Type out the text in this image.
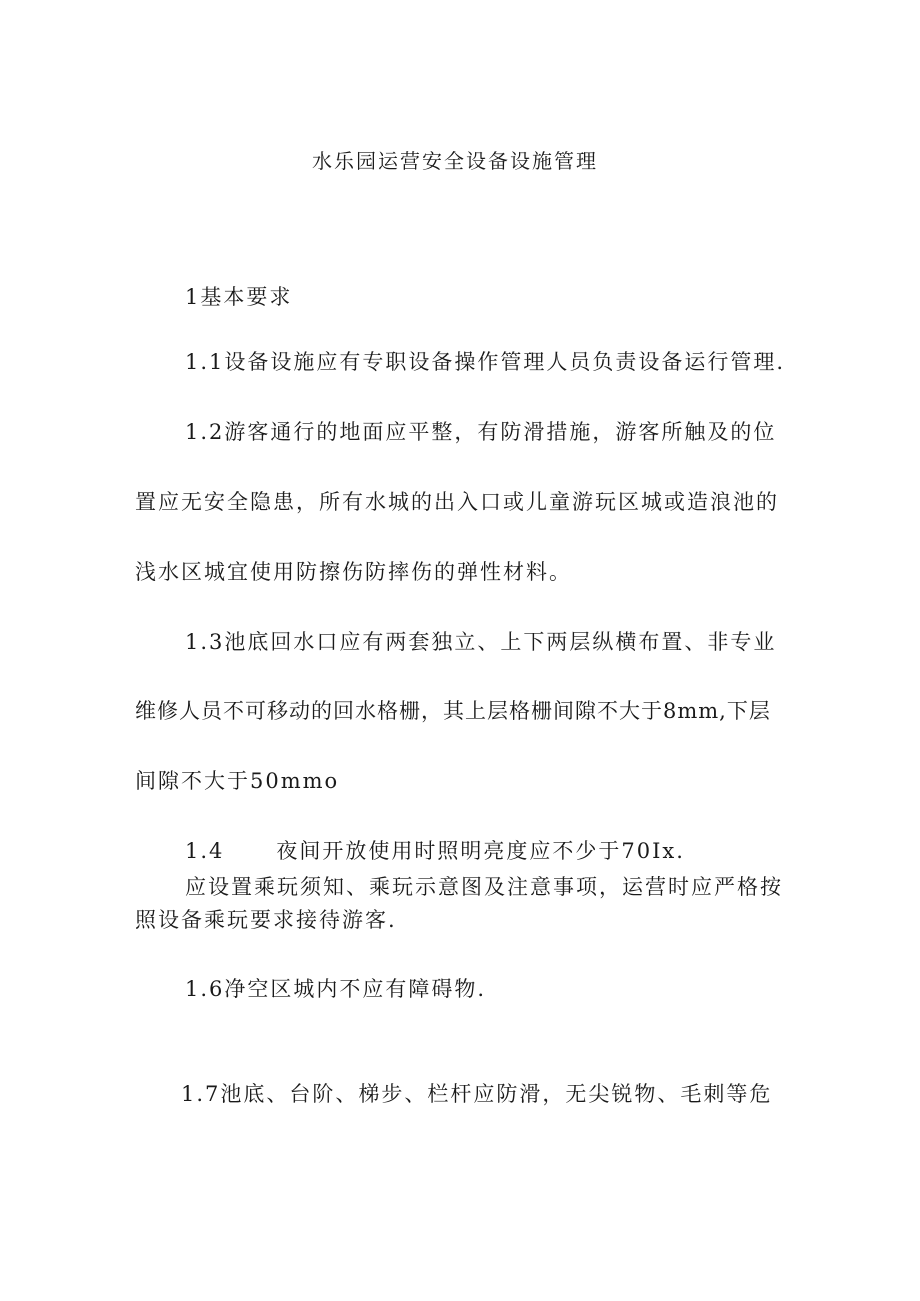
水乐园运营安全设备设施管理
1基本要求
1.1设备设施应有专职设备操作管理人员负责设备运行管理.
1.2游客通行的地面应平整，有防滑措施，游客所触及的位
置应无安全隐患，所有水城的出入口或儿童游玩区城或造浪池的
浅水区城宜使用防擦伤防摔伤的弹性材料。
1.3池底回水口应有两套独立、上下两层纵横布置、非专业
维修人员不可移动的回水格栅，其上层格栅间隙不大于8mm,下层
间隙不大于50mmo
1.4 夜间开放使用时照明亮度应不少于70Ix.
应设置乘玩须知、乘玩示意图及注意事项，运营时应严格按
照设备乘玩要求接待游客.
1.6净空区城内不应有障碍物.
1.7池底、台阶、梯步、栏杆应防滑，无尖锐物、毛刺等危
